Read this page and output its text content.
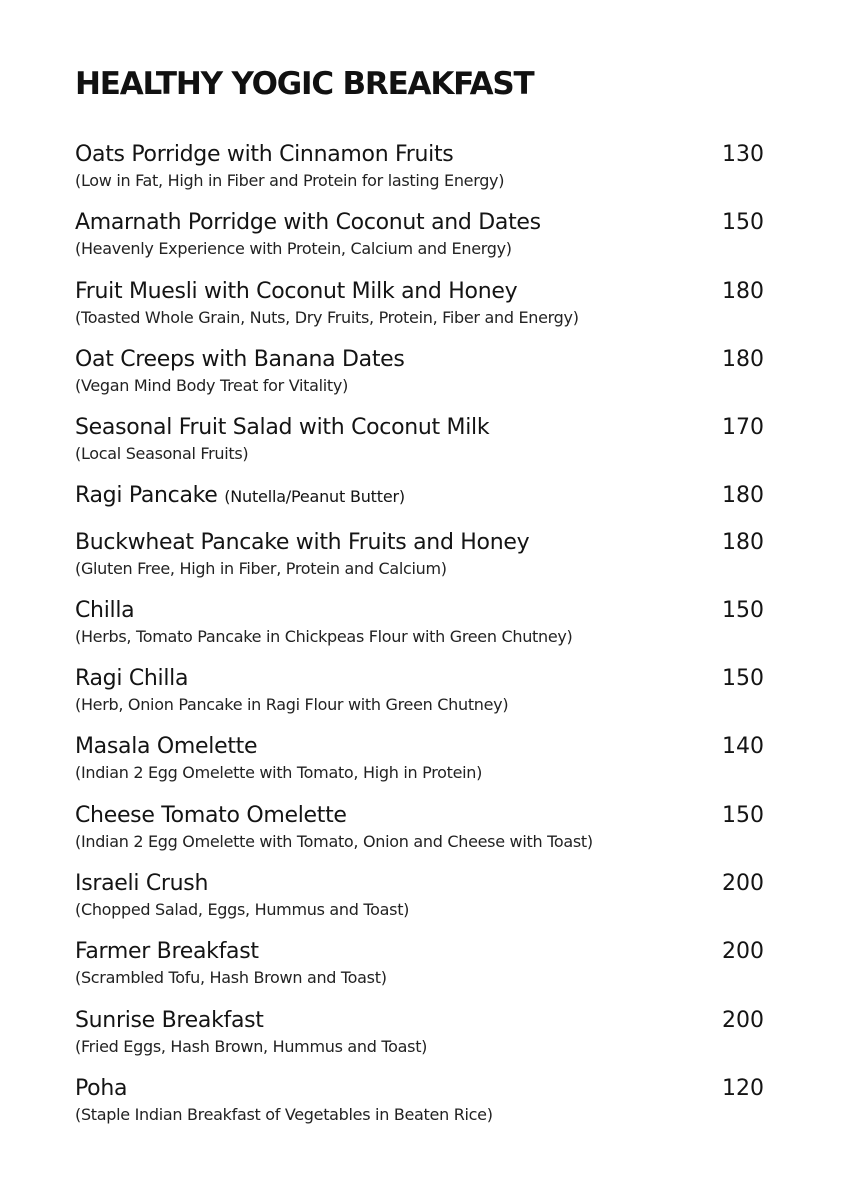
HEALTHY YOGIC BREAKFAST
Oats Porridge with Cinnamon Fruits
(Low in Fat, High in Fiber and Protein for lasting Energy)
130
Amarnath Porridge with Coconut and Dates
(Heavenly Experience with Protein, Calcium and Energy)
150
Fruit Muesli with Coconut Milk and Honey
(Toasted Whole Grain, Nuts, Dry Fruits, Protein, Fiber and Energy)
180
Oat Creeps with Banana Dates
(Vegan Mind Body Treat for Vitality)
180
Seasonal Fruit Salad with Coconut Milk
(Local Seasonal Fruits)
170
Ragi Pancake (Nutella/Peanut Butter)	180
Buckwheat Pancake with Fruits and Honey
(Gluten Free, High in Fiber, Protein and Calcium)
180
Chilla
(Herbs, Tomato Pancake in Chickpeas Flour with Green Chutney)
150
Ragi Chilla
(Herb, Onion Pancake in Ragi Flour with Green Chutney)
150
Masala Omelette
(Indian 2 Egg Omelette with Tomato, High in Protein)
140
Cheese Tomato Omelette
(Indian 2 Egg Omelette with Tomato, Onion and Cheese with Toast)
150
Israeli Crush
(Chopped Salad, Eggs, Hummus and Toast)
200
Farmer Breakfast
(Scrambled Tofu, Hash Brown and Toast)
200
Sunrise Breakfast
(Fried Eggs, Hash Brown, Hummus and Toast)
200
Poha
(Staple Indian Breakfast of Vegetables in Beaten Rice)
120
